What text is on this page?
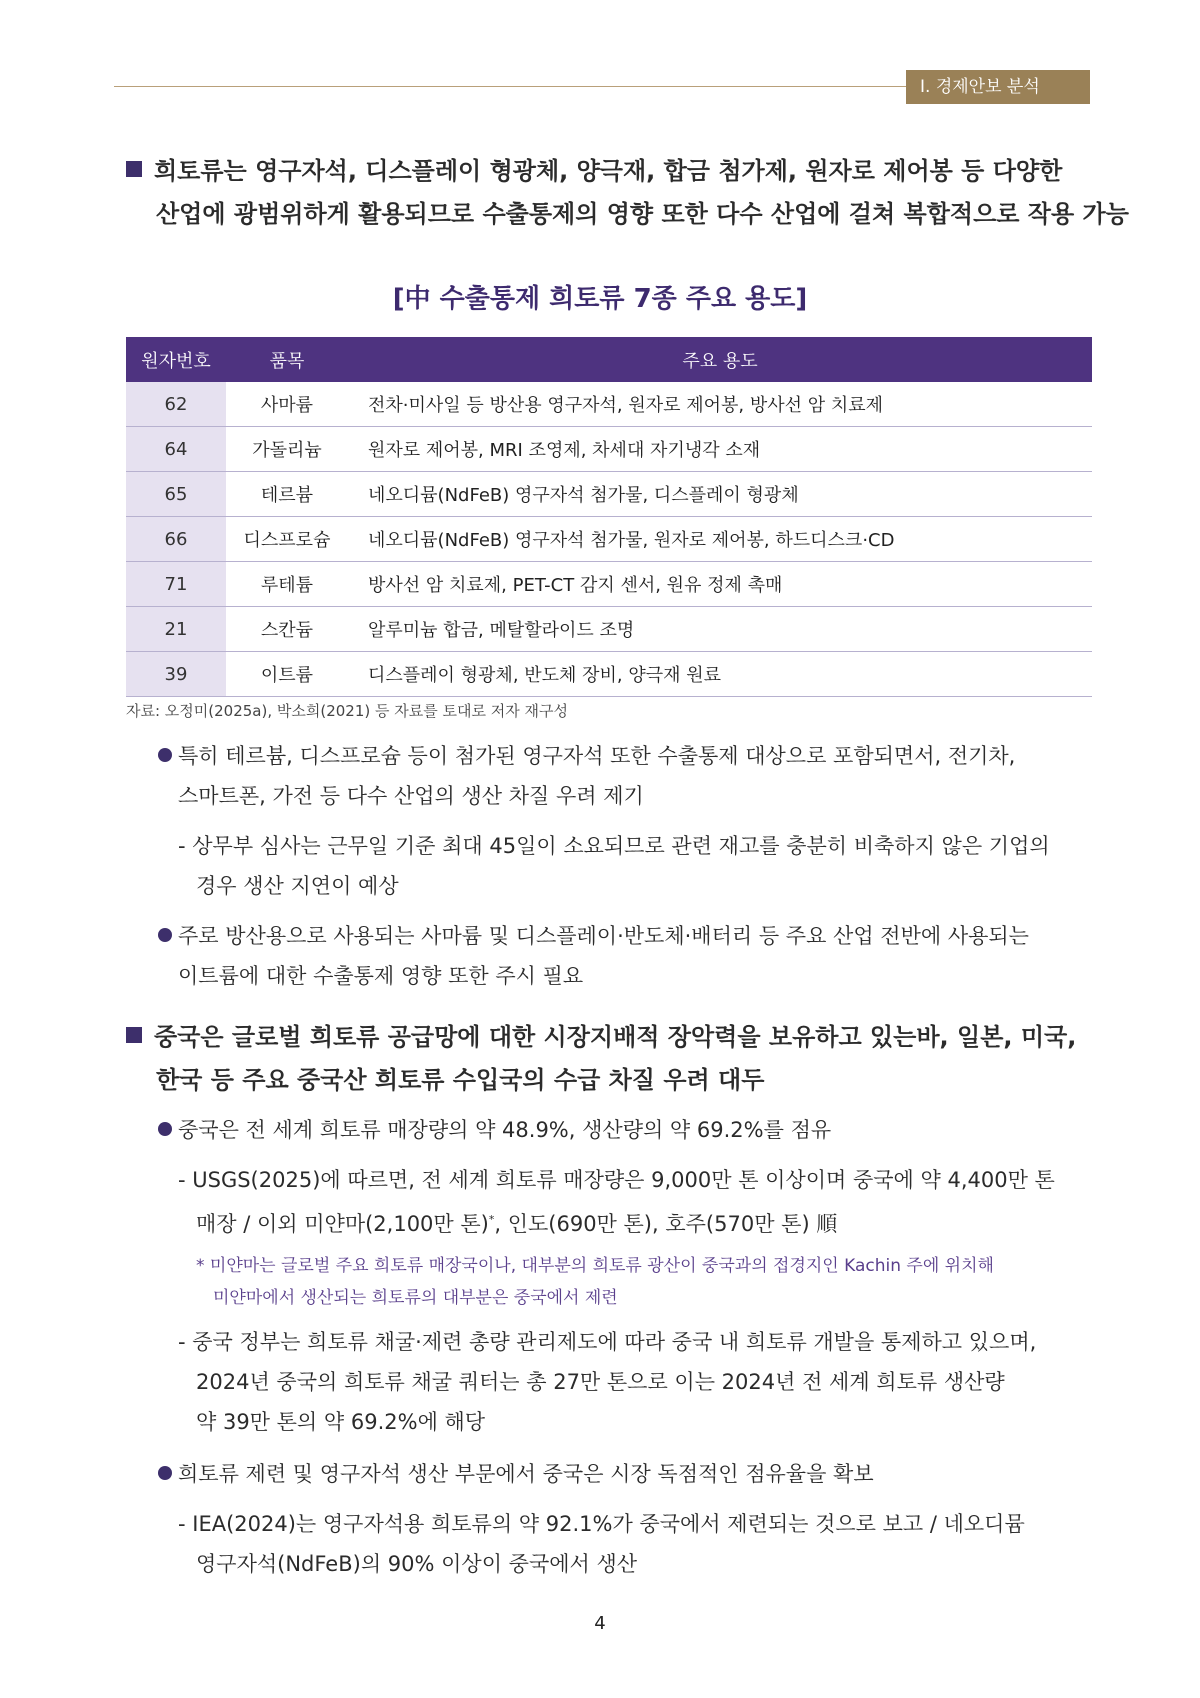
Ⅰ. 경제안보 분석
희토류는 영구자석, 디스플레이 형광체, 양극재, 합금 첨가제, 원자로 제어봉 등 다양한
산업에 광범위하게 활용되므로 수출통제의 영향 또한 다수 산업에 걸쳐 복합적으로 작용 가능
[中 수출통제 희토류 7종 주요 용도]
원자번호	품목	주요 용도
62	사마륨	전차·미사일 등 방산용 영구자석, 원자로 제어봉, 방사선 암 치료제
64	가돌리늄	원자로 제어봉, MRI 조영제, 차세대 자기냉각 소재
65	테르븀	네오디뮴(NdFeB) 영구자석 첨가물, 디스플레이 형광체
66	디스프로슘	네오디뮴(NdFeB) 영구자석 첨가물, 원자로 제어봉, 하드디스크·CD
71	루테튬	방사선 암 치료제, PET-CT 감지 센서, 원유 정제 촉매
21	스칸듐	알루미늄 합금, 메탈할라이드 조명
39	이트륨	디스플레이 형광체, 반도체 장비, 양극재 원료
자료: 오정미(2025a), 박소희(2021) 등 자료를 토대로 저자 재구성
특히 테르븀, 디스프로슘 등이 첨가된 영구자석 또한 수출통제 대상으로 포함되면서, 전기차,
스마트폰, 가전 등 다수 산업의 생산 차질 우려 제기
- 상무부 심사는 근무일 기준 최대 45일이 소요되므로 관련 재고를 충분히 비축하지 않은 기업의
경우 생산 지연이 예상
주로 방산용으로 사용되는 사마륨 및 디스플레이·반도체·배터리 등 주요 산업 전반에 사용되는
이트륨에 대한 수출통제 영향 또한 주시 필요
중국은 글로벌 희토류 공급망에 대한 시장지배적 장악력을 보유하고 있는바, 일본, 미국,
한국 등 주요 중국산 희토류 수입국의 수급 차질 우려 대두
중국은 전 세계 희토류 매장량의 약 48.9%, 생산량의 약 69.2%를 점유
- USGS(2025)에 따르면, 전 세계 희토류 매장량은 9,000만 톤 이상이며 중국에 약 4,400만 톤
매장 / 이외 미얀마(2,100만 톤)*, 인도(690만 톤), 호주(570만 톤) 順
* 미얀마는 글로벌 주요 희토류 매장국이나, 대부분의 희토류 광산이 중국과의 접경지인 Kachin 주에 위치해
미얀마에서 생산되는 희토류의 대부분은 중국에서 제련
- 중국 정부는 희토류 채굴·제련 총량 관리제도에 따라 중국 내 희토류 개발을 통제하고 있으며,
2024년 중국의 희토류 채굴 쿼터는 총 27만 톤으로 이는 2024년 전 세계 희토류 생산량
약 39만 톤의 약 69.2%에 해당
희토류 제련 및 영구자석 생산 부문에서 중국은 시장 독점적인 점유율을 확보
- IEA(2024)는 영구자석용 희토류의 약 92.1%가 중국에서 제련되는 것으로 보고 / 네오디뮴
영구자석(NdFeB)의 90% 이상이 중국에서 생산
4
